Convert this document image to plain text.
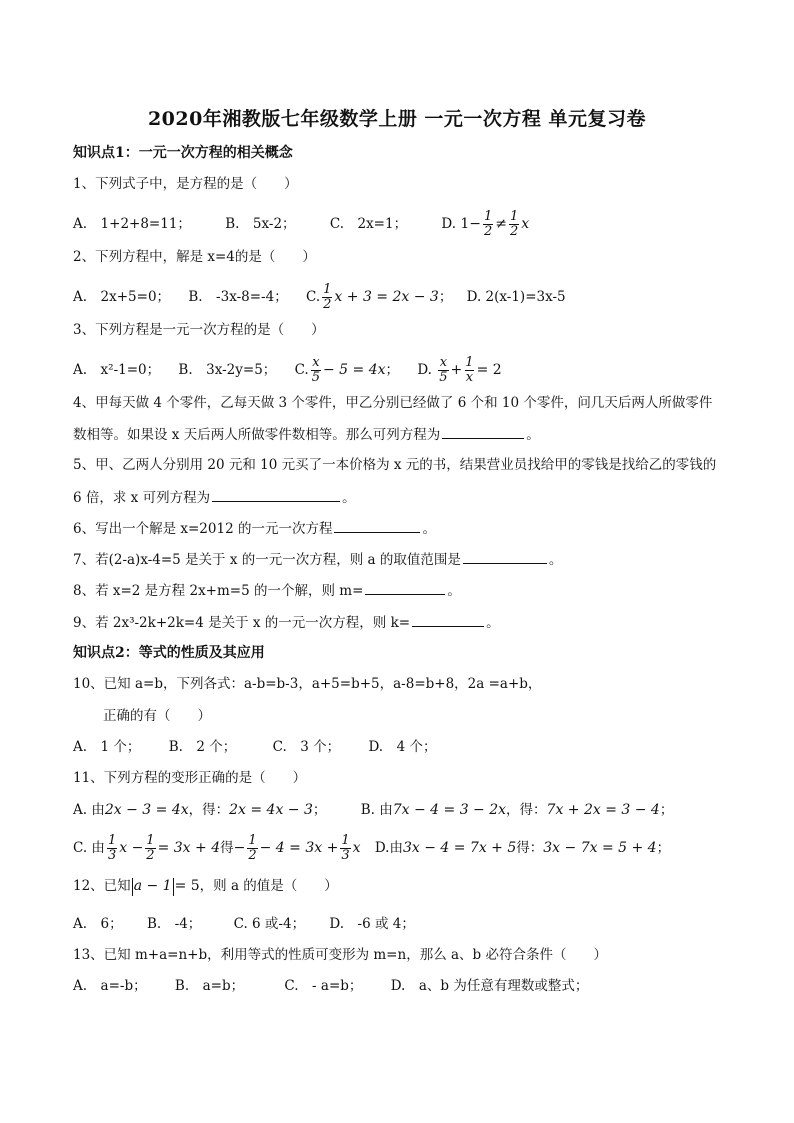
2020年湘教版七年级数学上册 一元一次方程 单元复习卷
知识点1：一元一次方程的相关概念
1、下列式子中，是方程的是（　　）
A.　1+2+8=11；	B.　5x-2；	C.　2x=1；	D. $1- \frac{1}{2} \ne \frac{1}{2}$ x
2、下列方程中，解是 x=4的是（　　）
A.　2x+5=0； B.　-3x-8=-4； C. $\frac{1}{2}$ x + 3 = 2x − 3； D. 2(x-1)=3x-5
3、下列方程是一元一次方程的是（　　）
A.　x²-1=0； B.　3x-2y=5； C. $\frac{x}{5} - 5 = 4x$； D. $\frac{x}{5} + \frac{1}{x} = 2$
4、甲每天做 4 个零件，乙每天做 3 个零件，甲乙分别已经做了 6 个和 10 个零件，问几天后两人所做零件
数相等。如果设 x 天后两人所做零件数相等。那么可列方程为	。
5、甲、乙两人分别用 20 元和 10 元买了一本价格为 x 元的书，结果营业员找给甲的零钱是找给乙的零钱的
6 倍，求 x 可列方程为	。
6、写出一个解是 x=2012 的一元一次方程	。
7、若(2-a)x-4=5 是关于 x 的一元一次方程，则 a 的取值范围是	。
8、若 x=2 是方程 2x+m=5 的一个解，则 m=	。
9、若 2x³-2k+2k=4 是关于 x 的一元一次方程，则 k=	。
知识点2：等式的性质及其应用
10、已知 a=b，下列各式：a-b=b-3，a+5=b+5，a-8=b+8，2a =a+b，
正确的有（　　）
A.　1 个； B.　2 个；	C.　3 个； D.　4 个；
11、下列方程的变形正确的是（　　）
A. 由2x − 3 = 4x，得：2x = 4x − 3；	B. 由7x − 4 = 3 − 2x，得：7x + 2x = 3 − 4；
C. 由 $\frac{1}{3}$ $x - \frac{1}{2} = 3x + 4$得− $\frac{1}{2} - 4 = 3x + \frac{1}{3}$ x D.由3x − 4 = 7x + 5得：3x − 7x = 5 + 4；
12、已知 a − 1 = 5，则 a 的值是（　　）
A.　6； B.　-4； C. 6 或-4； D.　-6 或 4；
13、已知 m+a=n+b，利用等式的性质可变形为 m=n，那么 a、b 必符合条件（　　）
A.　a=-b； B.　a=b；	C.　- a=b； D.　a、b 为任意有理数或整式；
